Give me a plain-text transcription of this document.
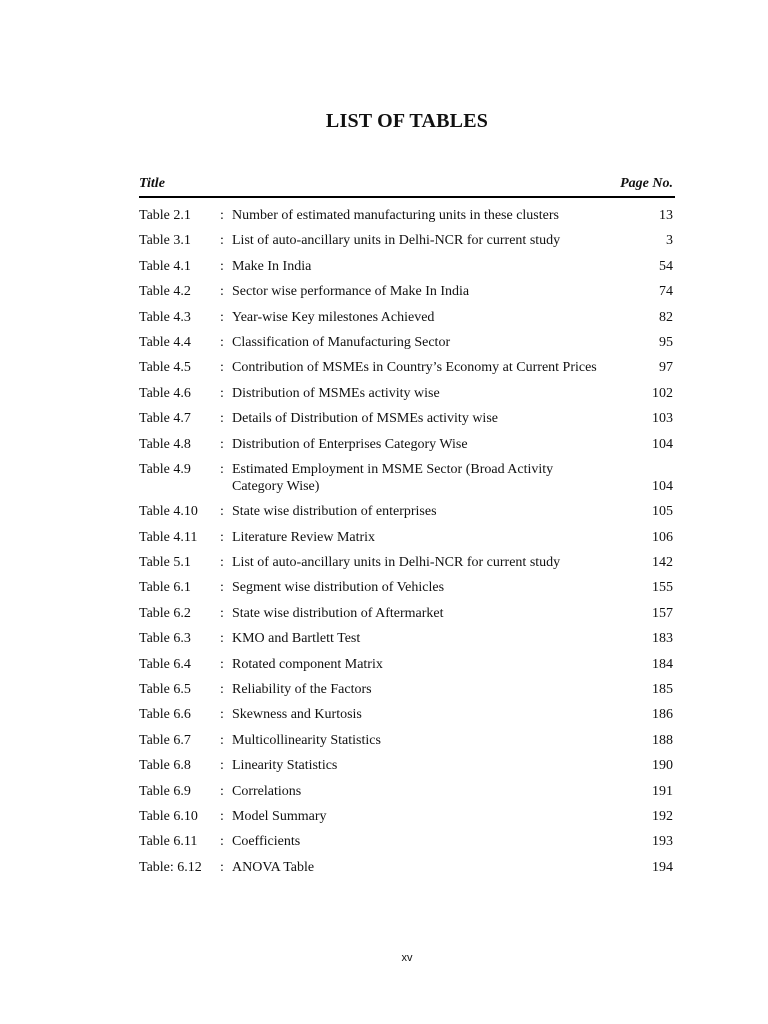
LIST OF TABLES
Title	Page No.
Table 2.1	: Number of estimated manufacturing units in these clusters	13
Table 3.1	: List of auto-ancillary units in Delhi-NCR for current study	3
Table 4.1	: Make In India	54
Table 4.2	: Sector wise performance of Make In India	74
Table 4.3	: Year-wise Key milestones Achieved	82
Table 4.4	: Classification of Manufacturing Sector	95
Table 4.5	: Contribution of MSMEs in Country’s Economy at Current Prices	97
Table 4.6	: Distribution of MSMEs activity wise	102
Table 4.7	: Details of Distribution of MSMEs activity wise	103
Table 4.8	: Distribution of Enterprises Category Wise	104
Table 4.9	: Estimated Employment in MSME Sector (Broad Activity Category Wise)	104
Table 4.10	: State wise distribution of enterprises	105
Table 4.11	: Literature Review Matrix	106
Table 5.1	: List of auto-ancillary units in Delhi-NCR for current study	142
Table 6.1	: Segment wise distribution of Vehicles	155
Table 6.2	: State wise distribution of Aftermarket	157
Table 6.3	: KMO and Bartlett Test	183
Table 6.4	: Rotated component Matrix	184
Table 6.5	: Reliability of the Factors	185
Table 6.6	: Skewness and Kurtosis	186
Table 6.7	: Multicollinearity Statistics	188
Table 6.8	: Linearity Statistics	190
Table 6.9	: Correlations	191
Table 6.10	: Model Summary	192
Table 6.11	: Coefficients	193
Table: 6.12	: ANOVA Table	194
xv
